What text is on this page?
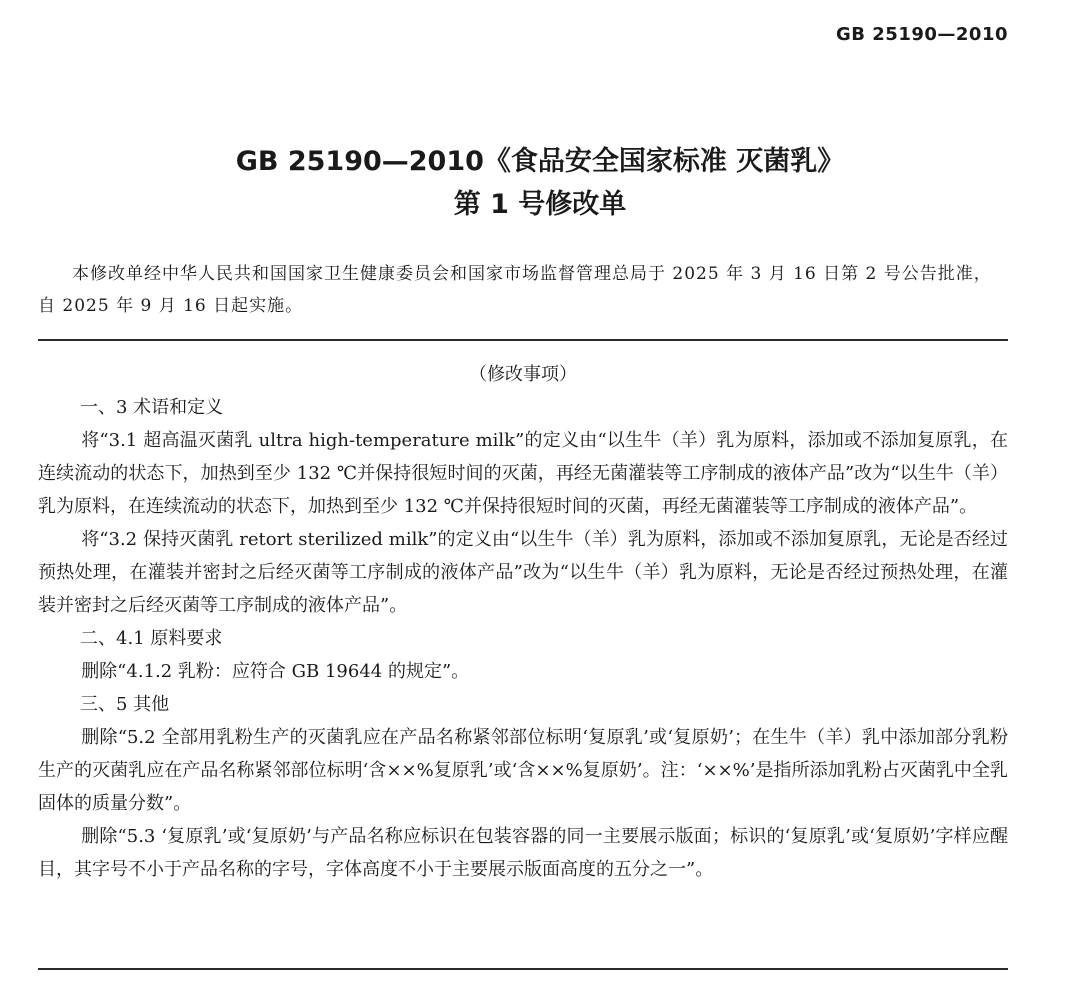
GB 25190—2010
GB 25190—2010《食品安全国家标准 灭菌乳》
第 1 号修改单

本修改单经中华人民共和国国家卫生健康委员会和国家市场监督管理总局于 2025 年 3 月 16 日第 2 号公告批准，自 2025 年 9 月 16 日起实施。

（修改事项）

一、3 术语和定义

将“3.1 超高温灭菌乳 ultra high-temperature milk”的定义由“以生牛（羊）乳为原料，添加或不添加复原乳，在连续流动的状态下，加热到至少 132 ℃并保持很短时间的灭菌，再经无菌灌装等工序制成的液体产品”改为“以生牛（羊）乳为原料，在连续流动的状态下，加热到至少 132 ℃并保持很短时间的灭菌，再经无菌灌装等工序制成的液体产品”。

将“3.2 保持灭菌乳 retort sterilized milk”的定义由“以生牛（羊）乳为原料，添加或不添加复原乳，无论是否经过预热处理，在灌装并密封之后经灭菌等工序制成的液体产品”改为“以生牛（羊）乳为原料，无论是否经过预热处理，在灌装并密封之后经灭菌等工序制成的液体产品”。

二、4.1 原料要求

删除“4.1.2 乳粉：应符合 GB 19644 的规定”。

三、5 其他

删除“5.2 全部用乳粉生产的灭菌乳应在产品名称紧邻部位标明‘复原乳’或‘复原奶’；在生牛（羊）乳中添加部分乳粉生产的灭菌乳应在产品名称紧邻部位标明‘含××%复原乳’或‘含××%复原奶’。注：‘××%’是指所添加乳粉占灭菌乳中全乳固体的质量分数”。

删除“5.3 ‘复原乳’或‘复原奶’与产品名称应标识在包装容器的同一主要展示版面；标识的‘复原乳’或‘复原奶’字样应醒目，其字号不小于产品名称的字号，字体高度不小于主要展示版面高度的五分之一”。
